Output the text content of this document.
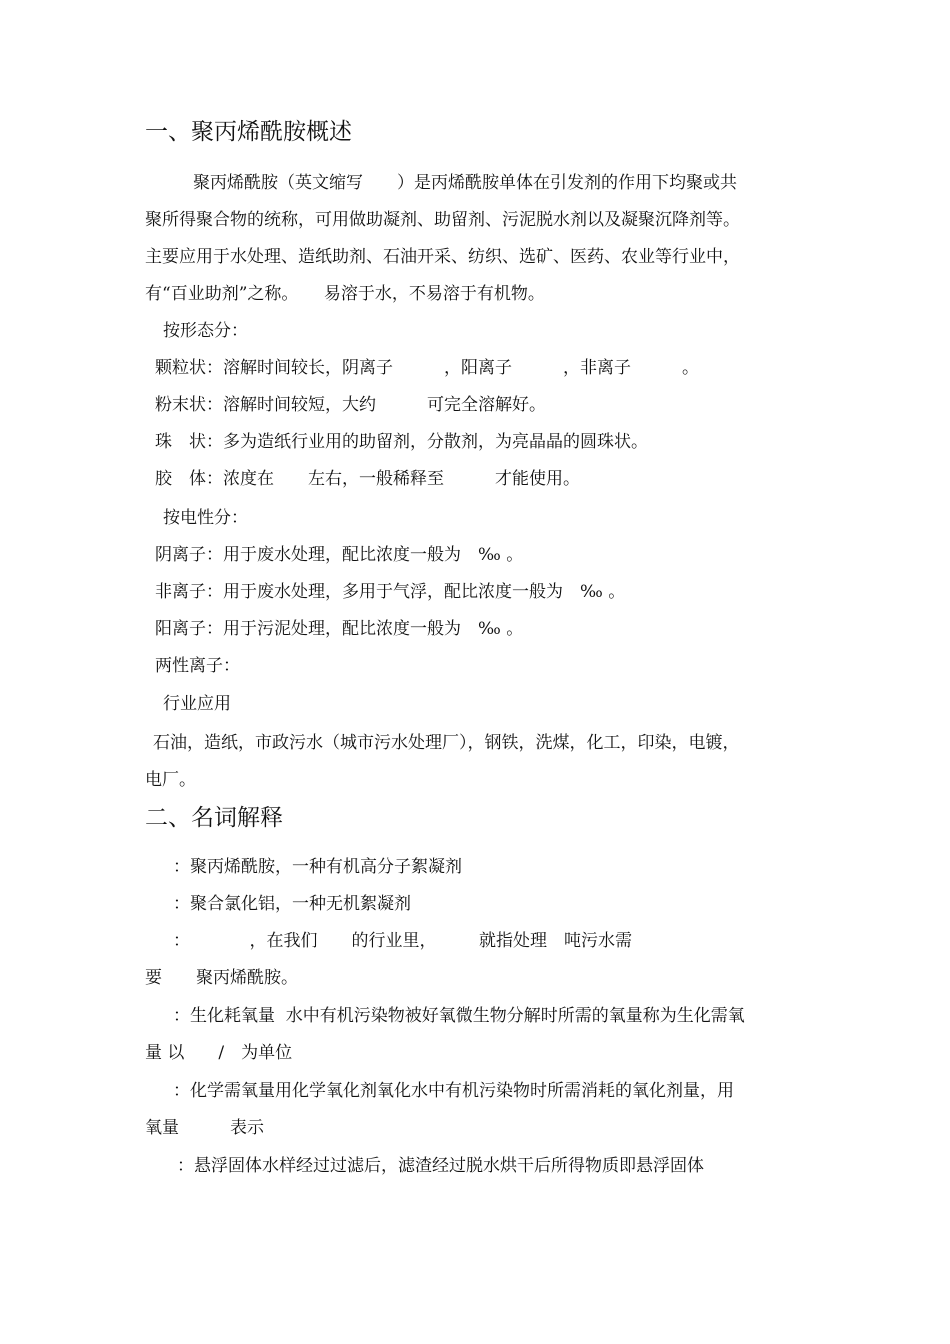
一、聚丙烯酰胺概述
聚丙烯酰胺（英文缩写　　）是丙烯酰胺单体在引发剂的作用下均聚或共
聚所得聚合物的统称，可用做助凝剂、助留剂、污泥脱水剂以及凝聚沉降剂等。
主要应用于水处理、造纸助剂、石油开采、纺织、选矿、医药、农业等行业中，
有“百业助剂”之称。　　易溶于水，不易溶于有机物。
按形态分：
颗粒状：溶解时间较长，阴离子　　　，阳离子　　　，非离子　　　。
粉末状：溶解时间较短，大约　　　可完全溶解好。
珠　状：多为造纸行业用的助留剂，分散剂，为亮晶晶的圆珠状。
胶　体：浓度在　　左右，一般稀释至　　　才能使用。
按电性分：
阴离子：用于废水处理，配比浓度一般为　‰ 。
非离子：用于废水处理，多用于气浮，配比浓度一般为　‰ 。
阳离子：用于污泥处理，配比浓度一般为　‰ 。
两性离子：
行业应用
石油，造纸，市政污水（城市污水处理厂），钢铁，洗煤，化工，印染，电镀，
电厂。
二、名词解释
：聚丙烯酰胺，一种有机高分子絮凝剂
：聚合氯化铝，一种无机絮凝剂
：　　　　，在我们　　的行业里，　　　就指处理　吨污水需
要　　聚丙烯酰胺。
：生化耗氧量  水中有机污染物被好氧微生物分解时所需的氧量称为生化需氧
量 以　　/　为单位
：化学需氧量用化学氧化剂氧化水中有机污染物时所需消耗的氧化剂量，用
氧量　　　表示
：悬浮固体水样经过过滤后，滤渣经过脱水烘干后所得物质即悬浮固体
